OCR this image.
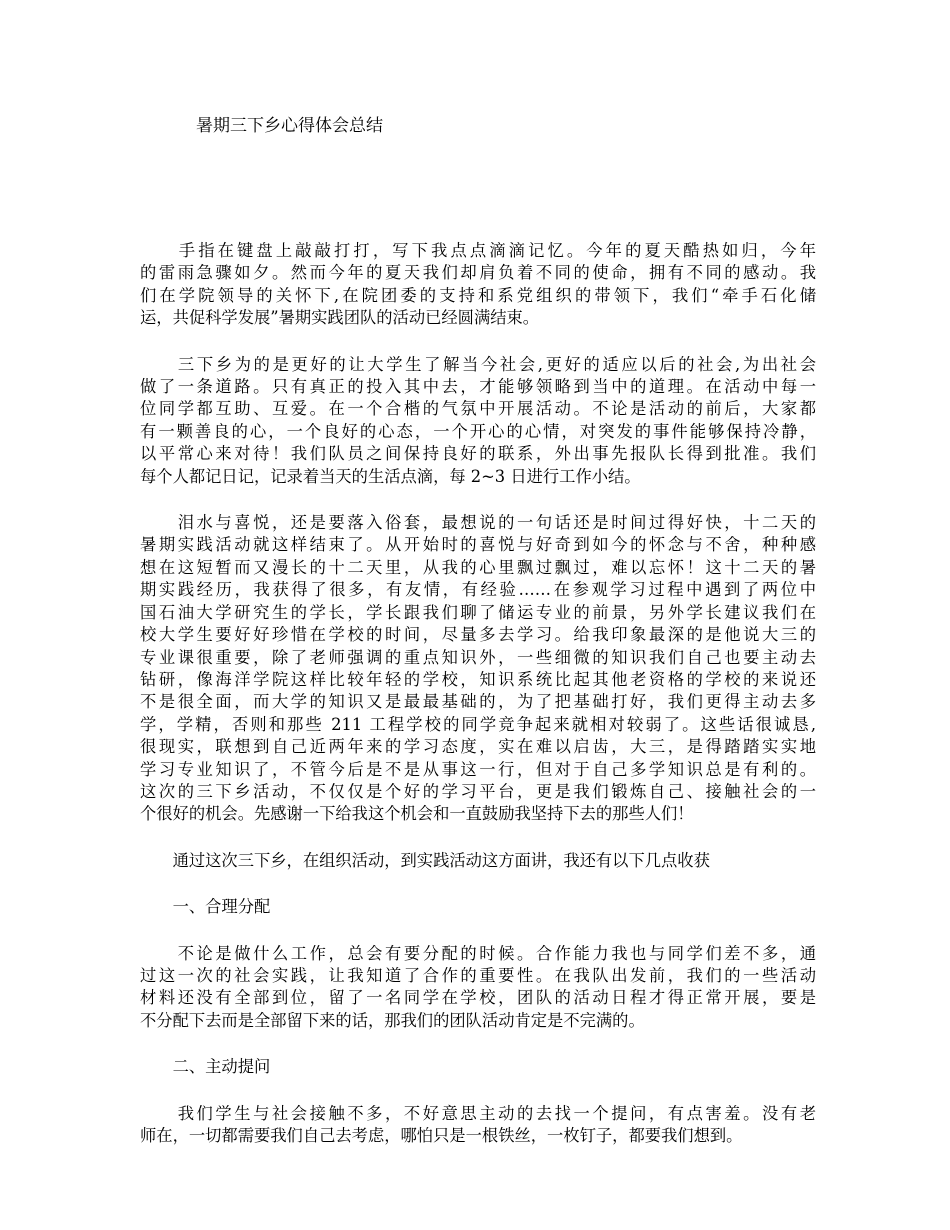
暑期三下乡心得体会总结

　　手指在键盘上敲敲打打，写下我点点滴滴记忆。今年的夏天酷热如归，今年
的雷雨急骤如夕。然而今年的夏天我们却肩负着不同的使命，拥有不同的感动。我
们在学院领导的关怀下,在院团委的支持和系党组织的带领下，我们“牵手石化储
运，共促科学发展”暑期实践团队的活动已经圆满结束。

　　三下乡为的是更好的让大学生了解当今社会,更好的适应以后的社会,为出社会
做了一条道路。只有真正的投入其中去，才能够领略到当中的道理。在活动中每一
位同学都互助、互爱。在一个合楷的气氛中开展活动。不论是活动的前后，大家都
有一颗善良的心，一个良好的心态，一个开心的心情，对突发的事件能够保持冷静，
以平常心来对待！我们队员之间保持良好的联系，外出事先报队长得到批准。我们
每个人都记日记，记录着当天的生活点滴，每 2~3 日进行工作小结。

　　泪水与喜悦，还是要落入俗套，最想说的一句话还是时间过得好快，十二天的
暑期实践活动就这样结束了。从开始时的喜悦与好奇到如今的怀念与不舍，种种感
想在这短暂而又漫长的十二天里，从我的心里飘过飘过，难以忘怀！这十二天的暑
期实践经历，我获得了很多，有友情，有经验……在参观学习过程中遇到了两位中
国石油大学研究生的学长，学长跟我们聊了储运专业的前景，另外学长建议我们在
校大学生要好好珍惜在学校的时间，尽量多去学习。给我印象最深的是他说大三的
专业课很重要，除了老师强调的重点知识外，一些细微的知识我们自己也要主动去
钻研，像海洋学院这样比较年轻的学校，知识系统比起其他老资格的学校的来说还
不是很全面，而大学的知识又是最最基础的，为了把基础打好，我们更得主动去多
学，学精，否则和那些 211 工程学校的同学竞争起来就相对较弱了。这些话很诚恳,
很现实，联想到自己近两年来的学习态度，实在难以启齿，大三，是得踏踏实实地
学习专业知识了，不管今后是不是从事这一行，但对于自己多学知识总是有利的。
这次的三下乡活动，不仅仅是个好的学习平台，更是我们锻炼自己、接触社会的一
个很好的机会。先感谢一下给我这个机会和一直鼓励我坚持下去的那些人们！

　　通过这次三下乡，在组织活动，到实践活动这方面讲，我还有以下几点收获

　　一、合理分配

　　不论是做什么工作，总会有要分配的时候。合作能力我也与同学们差不多，通
过这一次的社会实践，让我知道了合作的重要性。在我队出发前，我们的一些活动
材料还没有全部到位，留了一名同学在学校，团队的活动日程才得正常开展，要是
不分配下去而是全部留下来的话，那我们的团队活动肯定是不完满的。

　　二、主动提问

　　我们学生与社会接触不多，不好意思主动的去找一个提问，有点害羞。没有老
师在，一切都需要我们自己去考虑，哪怕只是一根铁丝，一枚钉子，都要我们想到。
